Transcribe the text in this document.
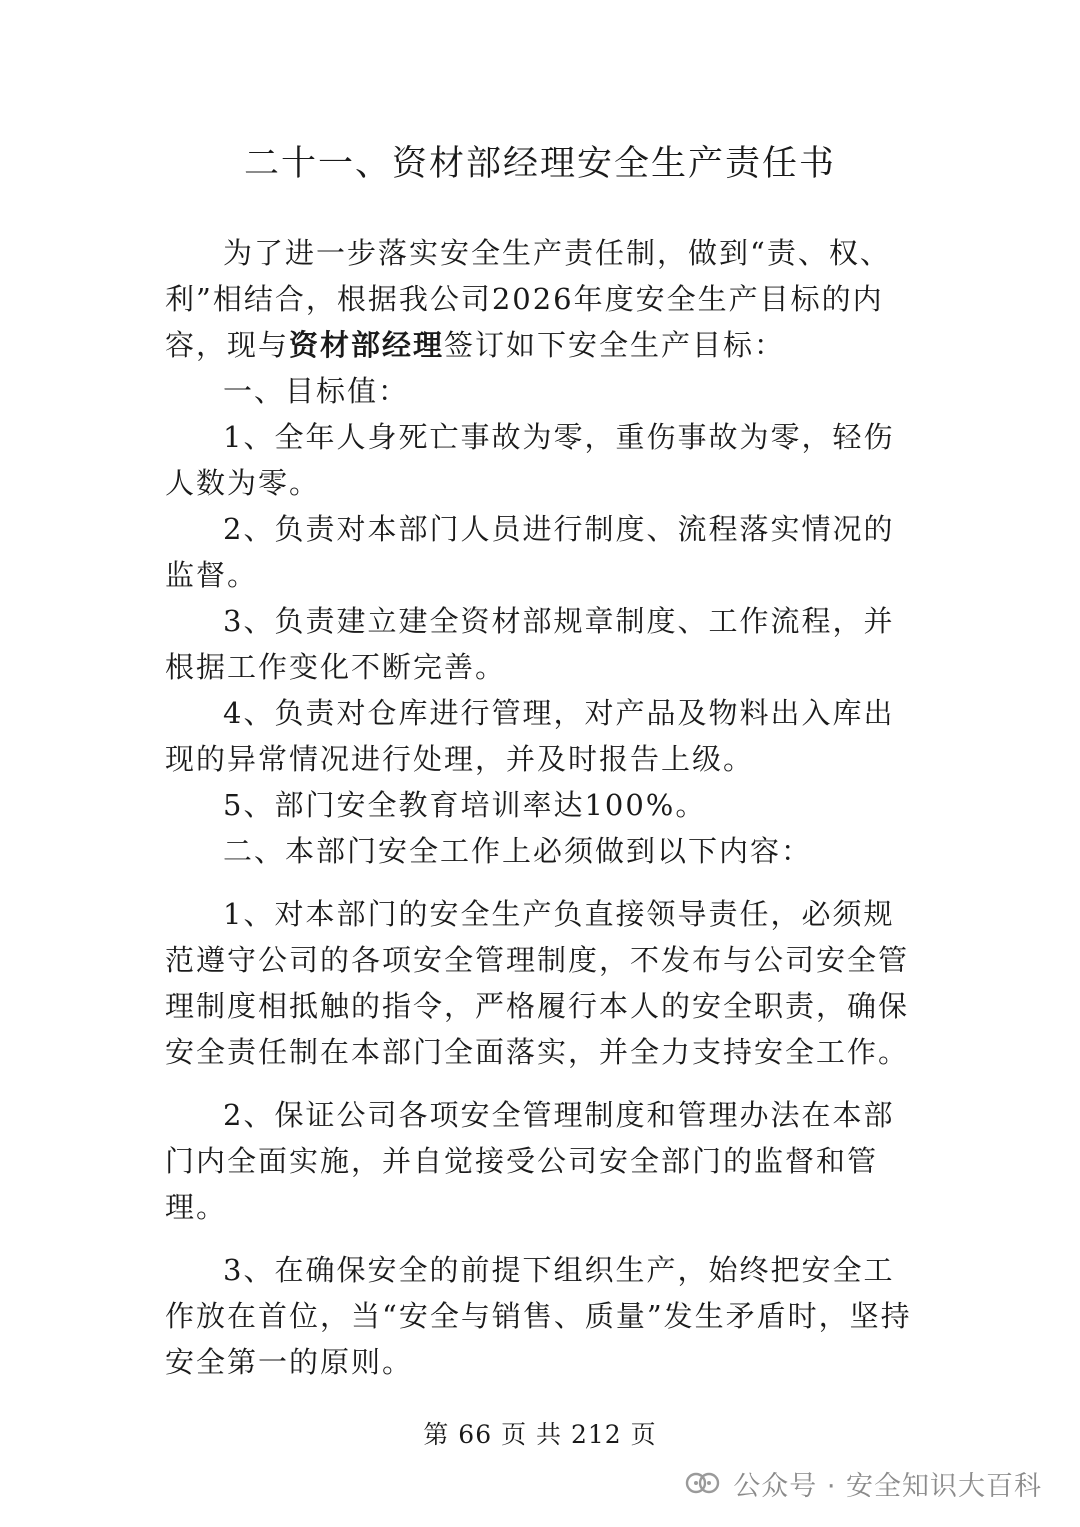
二十一、资材部经理安全生产责任书

为了进一步落实安全生产责任制，做到“责、权、利”相结合，根据我公司2026年度安全生产目标的内容，现与资材部经理签订如下安全生产目标：

一、目标值：

1、全年人身死亡事故为零，重伤事故为零，轻伤人数为零。

2、负责对本部门人员进行制度、流程落实情况的监督。

3、负责建立建全资材部规章制度、工作流程，并根据工作变化不断完善。

4、负责对仓库进行管理，对产品及物料出入库出现的异常情况进行处理，并及时报告上级。

5、部门安全教育培训率达100%。

二、本部门安全工作上必须做到以下内容：

1、对本部门的安全生产负直接领导责任，必须规范遵守公司的各项安全管理制度，不发布与公司安全管理制度相抵触的指令，严格履行本人的安全职责，确保安全责任制在本部门全面落实，并全力支持安全工作。

2、保证公司各项安全管理制度和管理办法在本部门内全面实施，并自觉接受公司安全部门的监督和管理。

3、在确保安全的前提下组织生产，始终把安全工作放在首位，当“安全与销售、质量”发生矛盾时，坚持安全第一的原则。

第 66 页 共 212 页
公众号 · 安全知识大百科
